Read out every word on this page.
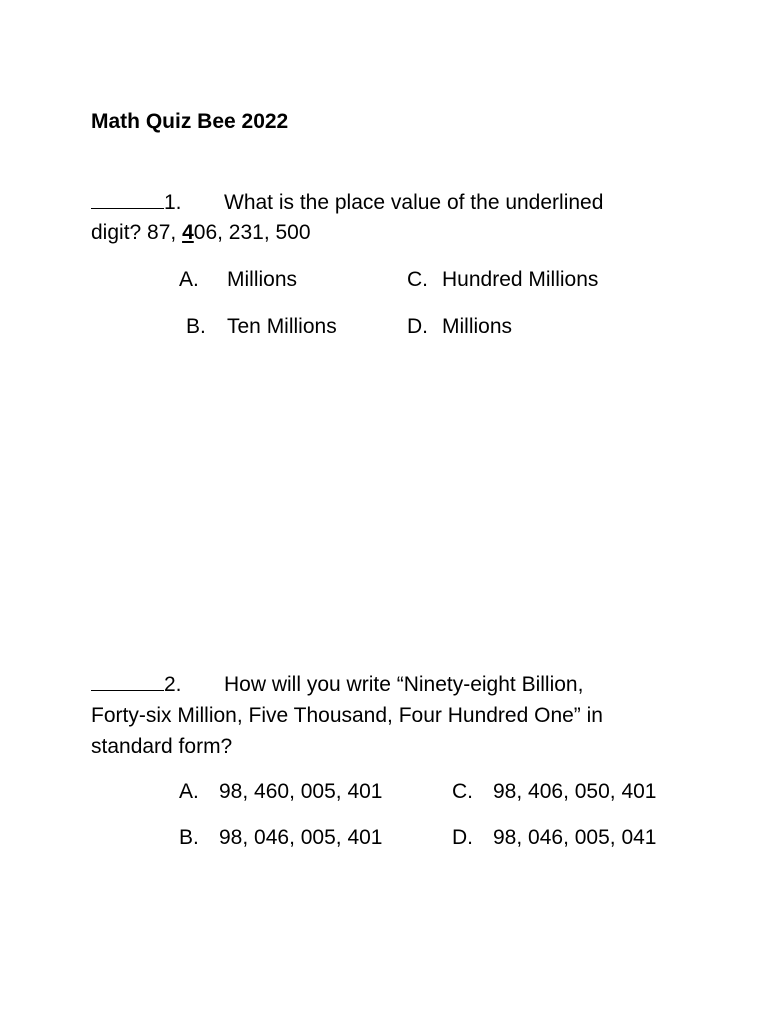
Math Quiz Bee 2022
1. What is the place value of the underlined
digit? 87, 406, 231, 500
A. Millions
B. Ten Millions
C. Hundred Millions
D. Millions
2. How will you write “Ninety-eight Billion,
Forty-six Million, Five Thousand, Four Hundred One” in
standard form?
A. 98, 460, 005, 401
B. 98, 046, 005, 401
C. 98, 406, 050, 401
D. 98, 046, 005, 041
